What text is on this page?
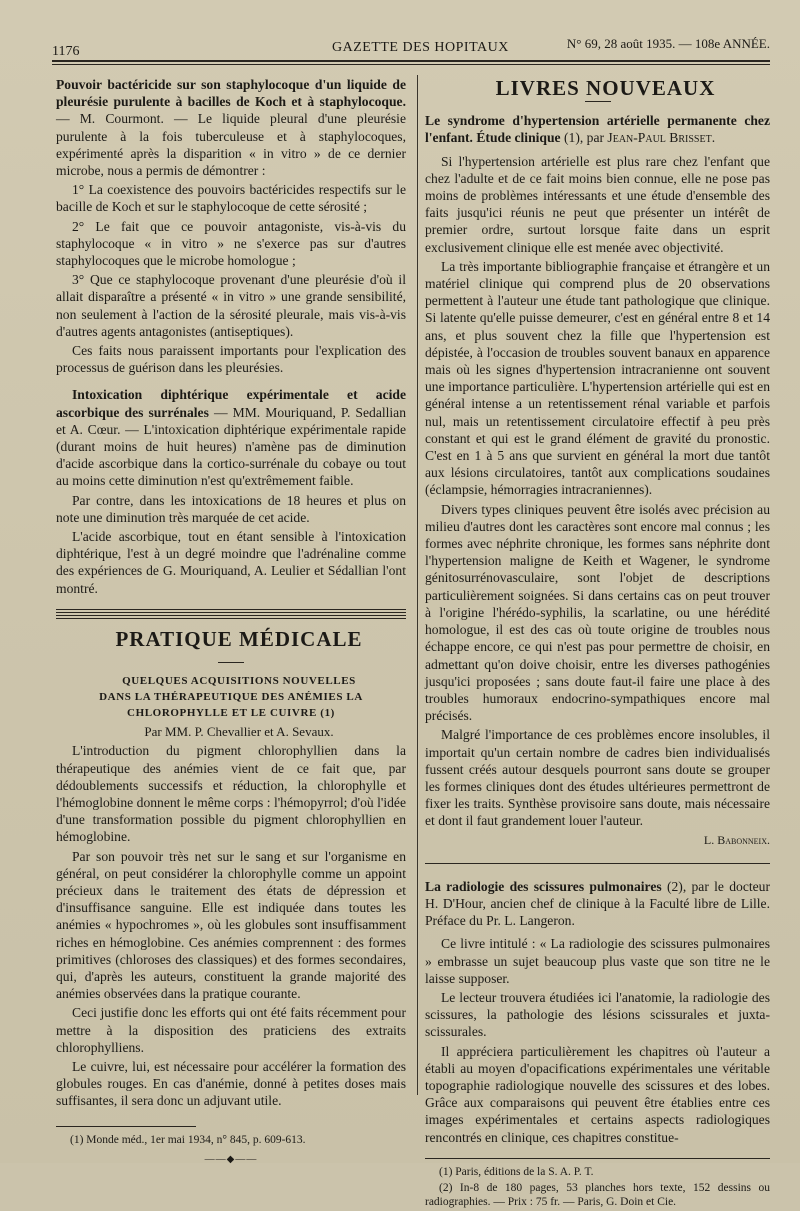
1176	GAZETTE DES HOPITAUX	N° 69, 28 août 1935. — 108e ANNÉE.

Pouvoir bactéricide sur son staphylocoque d'un liquide de pleurésie purulente à bacilles de Koch et à staphylocoque. — M. Courmont. — Le liquide pleural d'une pleurésie purulente à la fois tuberculeuse et à staphylocoques, expérimenté après la disparition « in vitro » de ce dernier microbe, nous a permis de démontrer :

1° La coexistence des pouvoirs bactéricides respectifs sur le bacille de Koch et sur le staphylocoque de cette sérosité ;

2° Le fait que ce pouvoir antagoniste, vis-à-vis du staphylocoque « in vitro » ne s'exerce pas sur d'autres staphylocoques que le microbe homologue ;

3° Que ce staphylocoque provenant d'une pleurésie d'où il allait disparaître a présenté « in vitro » une grande sensibilité, non seulement à l'action de la sérosité pleurale, mais vis-à-vis d'autres agents antagonistes (antiseptiques).

Ces faits nous paraissent importants pour l'explication des processus de guérison dans les pleurésies.

Intoxication diphtérique expérimentale et acide ascorbique des surrénales — MM. Mouriquand, P. Sedallian et A. Cœur. — L'intoxication diphtérique expérimentale rapide (durant moins de huit heures) n'amène pas de diminution d'acide ascorbique dans la cortico-surrénale du cobaye ou tout au moins cette diminution n'est qu'extrêmement faible.

Par contre, dans les intoxications de 18 heures et plus on note une diminution très marquée de cet acide.

L'acide ascorbique, tout en étant sensible à l'intoxication diphtérique, l'est à un degré moindre que l'adrénaline comme des expériences de G. Mouriquand, A. Leulier et Sédallian l'ont montré.

PRATIQUE MÉDICALE

QUELQUES ACQUISITIONS NOUVELLES DANS LA THÉRAPEUTIQUE DES ANÉMIES LA CHLOROPHYLLE ET LE CUIVRE (1)

Par MM. P. Chevallier et A. Sevaux.

L'introduction du pigment chlorophyllien dans la thérapeutique des anémies vient de ce fait que, par dédoublements successifs et réduction, la chlorophylle et l'hémoglobine donnent le même corps : l'hémopyrrol; d'où l'idée d'une transformation possible du pigment chlorophyllien en hémoglobine.

Par son pouvoir très net sur le sang et sur l'organisme en général, on peut considérer la chlorophylle comme un appoint précieux dans le traitement des états de dépression et d'insuffisance sanguine. Elle est indiquée dans toutes les anémies « hypochromes », où les globules sont insuffisamment riches en hémoglobine. Ces anémies comprennent : des formes primitives (chloroses des classiques) et des formes secondaires, qui, d'après les auteurs, constituent la grande majorité des anémies observées dans la pratique courante.

Ceci justifie donc les efforts qui ont été faits récemment pour mettre à la disposition des praticiens des extraits chlorophylliens.

Le cuivre, lui, est nécessaire pour accélérer la formation des globules rouges. En cas d'anémie, donné à petites doses mais suffisantes, il sera donc un adjuvant utile.

(1) Monde méd., 1er mai 1934, n° 845, p. 609-613.

——◆——

LIVRES NOUVEAUX

Le syndrome d'hypertension artérielle permanente chez l'enfant. Étude clinique (1), par Jean-Paul Brisset.

Si l'hypertension artérielle est plus rare chez l'enfant que chez l'adulte et de ce fait moins bien connue, elle ne pose pas moins de problèmes intéressants et une étude d'ensemble des faits jusqu'ici réunis ne peut que présenter un intérêt de premier ordre, surtout lorsque faite dans un esprit exclusivement clinique elle est menée avec objectivité.

La très importante bibliographie française et étrangère et un matériel clinique qui comprend plus de 20 observations permettent à l'auteur une étude tant pathologique que clinique. Si latente qu'elle puisse demeurer, c'est en général entre 8 et 14 ans, et plus souvent chez la fille que l'hypertension est dépistée, à l'occasion de troubles souvent banaux en apparence mais où les signes d'hypertension intracranienne ont souvent une importance particulière. L'hypertension artérielle qui est en général intense a un retentissement rénal variable et parfois nul, mais un retentissement circulatoire effectif à peu près constant et qui est le grand élément de gravité du pronostic. C'est en 1 à 5 ans que survient en général la mort due tantôt aux lésions circulatoires, tantôt aux complications soudaines (éclampsie, hémorragies intracraniennes).

Divers types cliniques peuvent être isolés avec précision au milieu d'autres dont les caractères sont encore mal connus ; les formes avec néphrite chronique, les formes sans néphrite dont l'hypertension maligne de Keith et Wagener, le syndrome génitosurrénovasculaire, sont l'objet de descriptions particulièrement soignées. Si dans certains cas on peut trouver à l'origine l'hérédo-syphilis, la scarlatine, ou une hérédité homologue, il est des cas où toute origine de troubles nous échappe encore, ce qui n'est pas pour permettre de choisir, en admettant qu'on doive choisir, entre les diverses pathogénies jusqu'ici proposées ; sans doute faut-il faire une place à des troubles humoraux endocrino-sympathiques encore mal précisés.

Malgré l'importance de ces problèmes encore insolubles, il importait qu'un certain nombre de cadres bien individualisés fussent créés autour desquels pourront sans doute se grouper les formes cliniques dont des études ultérieures permettront de fixer les traits. Synthèse provisoire sans doute, mais nécessaire et dont il faut grandement louer l'auteur.

L. Babonneix.

La radiologie des scissures pulmonaires (2), par le docteur H. D'Hour, ancien chef de clinique à la Faculté libre de Lille. Préface du Pr. L. Langeron.

Ce livre intitulé : « La radiologie des scissures pulmonaires » embrasse un sujet beaucoup plus vaste que son titre ne le laisse supposer.

Le lecteur trouvera étudiées ici l'anatomie, la radiologie des scissures, la pathologie des lésions scissurales et juxta-scissurales.

Il appréciera particulièrement les chapitres où l'auteur a établi au moyen d'opacifications expérimentales une véritable topographie radiologique nouvelle des scissures et des lobes. Grâce aux comparaisons qui peuvent être établies entre ces images expérimentales et certains aspects radiologiques rencontrés en clinique, ces chapitres constitue-

(1) Paris, éditions de la S. A. P. T.

(2) In-8 de 180 pages, 53 planches hors texte, 152 dessins ou radiographies. — Prix : 75 fr. — Paris, G. Doin et Cie.
